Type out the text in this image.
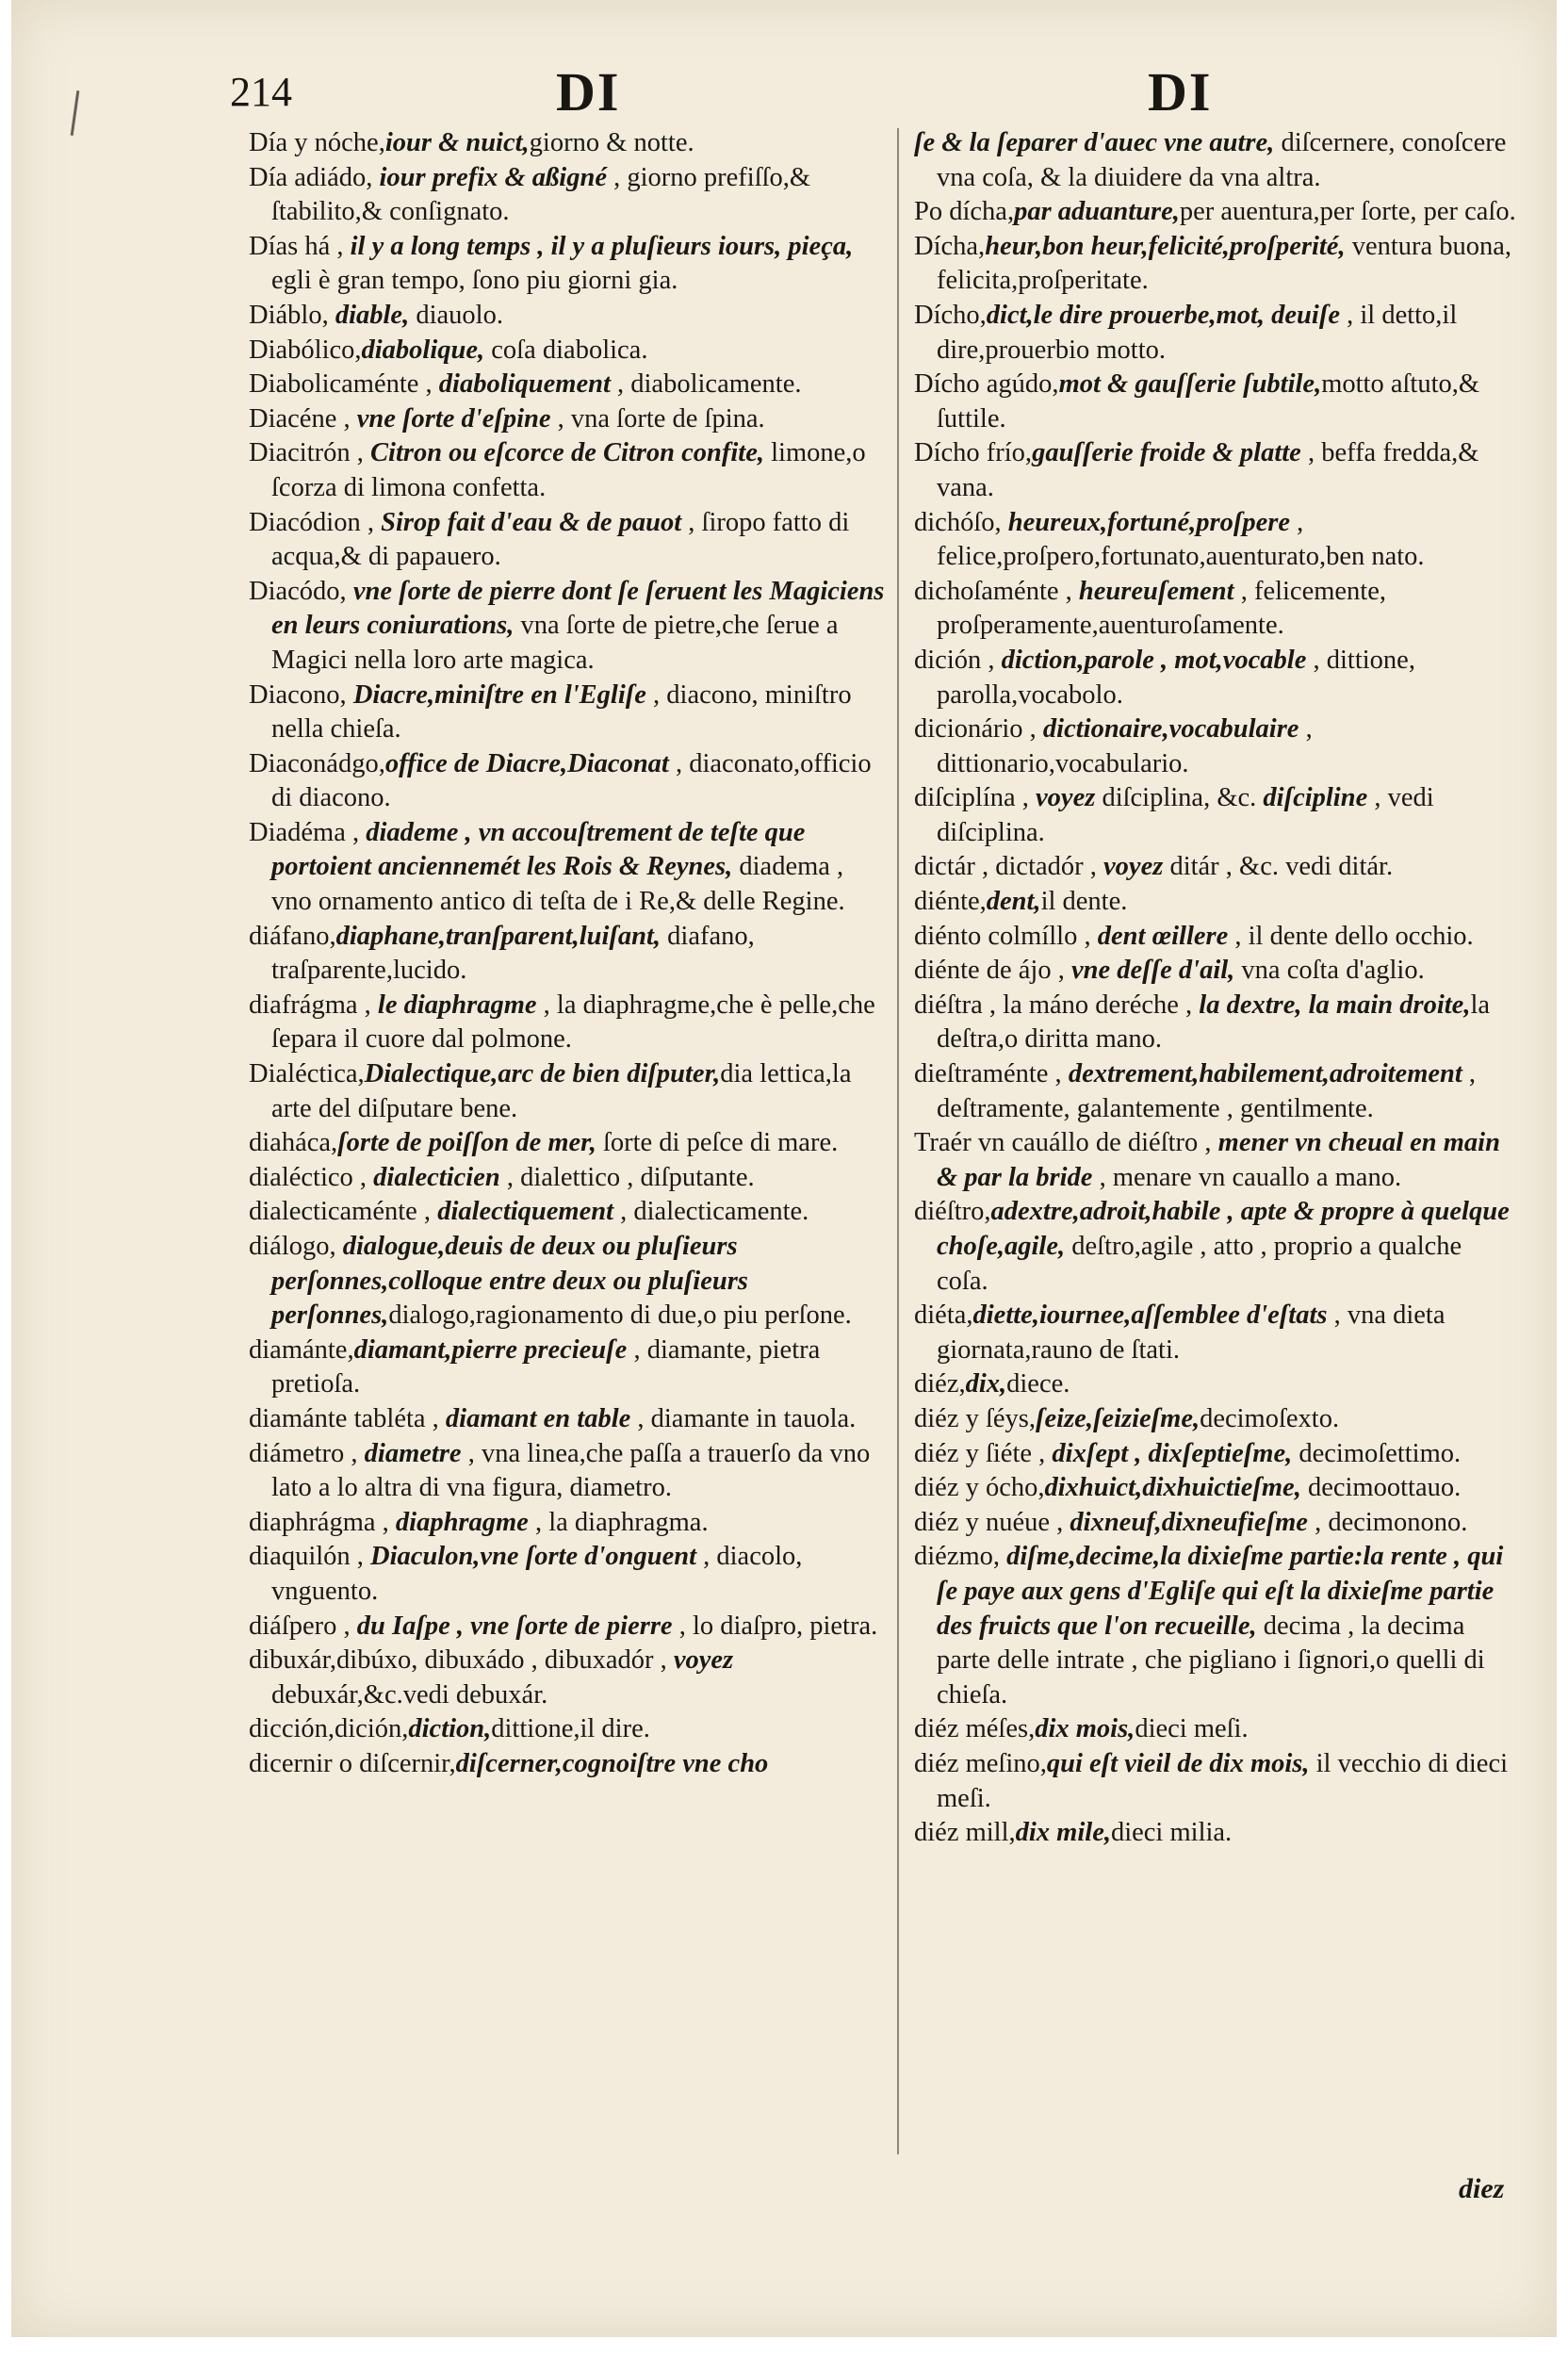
214	DI	DI

Día y nóche,iour & nuict,giorno & notte.

Día adiádo, iour prefix & aßigné , giorno prefiſſo,& ſtabilito,& conſignato.

Días há , il y a long temps , il y a pluſieurs iours, pieça, egli è gran tempo, ſono piu giorni gia.

Diáblo, diable, diauolo.

Diabólico,diabolique, coſa diabolica.

Diabolicaménte , diaboliquement , diabolicamente.

Diacéne , vne ſorte d'eſpine , vna ſorte de ſpina.

Diacitrón , Citron ou eſcorce de Citron confite, limone,o ſcorza di limona confetta.

Diacódion , Sirop fait d'eau & de pauot , ſiropo fatto di acqua,& di papauero.

Diacódo, vne ſorte de pierre dont ſe ſeruent les Magiciens en leurs coniurations, vna ſorte de pietre,che ſerue a Magici nella loro arte magica.

Diacono, Diacre,miniſtre en l'Egliſe , diacono, miniſtro nella chieſa.

Diaconádgo,office de Diacre,Diaconat , diaconato,officio di diacono.

Diadéma , diademe , vn accouſtrement de teſte que portoient anciennemét les Rois & Reynes, diadema , vno ornamento antico di teſta de i Re,& delle Regine.

diáfano,diaphane,tranſparent,luiſant, diafano, traſparente,lucido.

diafrágma , le diaphragme , la diaphragme,che è pelle,che ſepara il cuore dal polmone.

Dialéctica,Dialectique,arc de bien diſputer,dia lettica,la arte del diſputare bene.

diaháca,ſorte de poiſſon de mer, ſorte di peſce di mare.

dialéctico , dialecticien , dialettico , diſputante.

dialecticaménte , dialectiquement , dialecticamente.

diálogo, dialogue,deuis de deux ou pluſieurs perſonnes,colloque entre deux ou pluſieurs perſonnes,dialogo,ragionamento di due,o piu perſone.

diamánte,diamant,pierre precieuſe , diamante, pietra pretioſa.

diamánte tabléta , diamant en table , diamante in tauola.

diámetro , diametre , vna linea,che paſſa a trauerſo da vno lato a lo altra di vna figura, diametro.

diaphrágma , diaphragme , la diaphragma.

diaquilón , Diaculon,vne ſorte d'onguent , diacolo, vnguento.

diáſpero , du Iaſpe , vne ſorte de pierre , lo diaſpro, pietra.

dibuxár,dibúxo, dibuxádo , dibuxadór , voyez debuxár,&c.vedi debuxár.

dicción,dición,diction,dittione,il dire.

dicernir o diſcernir,diſcerner,cognoiſtre vne cho

ſe & la ſeparer d'auec vne autre, diſcernere, conoſcere vna coſa, & la diuidere da vna altra.

Po dícha,par aduanture,per auentura,per ſorte, per caſo.

Dícha,heur,bon heur,felicité,proſperité, ventura buona, felicita,proſperitate.

Dícho,dict,le dire prouerbe,mot, deuiſe , il detto,il dire,prouerbio motto.

Dícho agúdo,mot & gauſſerie ſubtile,motto aſtuto,& ſuttile.

Dícho frío,gauſſerie froide & platte , beffa fredda,& vana.

dichóſo, heureux,fortuné,proſpere , felice,proſpero,fortunato,auenturato,ben nato.

dichoſaménte , heureuſement , felicemente, proſperamente,auenturoſamente.

dición , diction,parole , mot,vocable , dittione, parolla,vocabolo.

dicionário , dictionaire,vocabulaire , dittionario,vocabulario.

diſciplína , voyez diſciplina, &c. diſcipline , vedi diſciplina.

dictár , dictadór , voyez ditár , &c. vedi ditár.

diénte,dent,il dente.

diénto colmíllo , dent œillere , il dente dello occhio.

diénte de ájo , vne deſſe d'ail, vna coſta d'aglio.

diéſtra , la máno deréche , la dextre, la main droite,la deſtra,o diritta mano.

dieſtraménte , dextrement,habilement,adroitement , deſtramente, galantemente , gentilmente.

Traér vn cauállo de diéſtro , mener vn cheual en main & par la bride , menare vn cauallo a mano.

diéſtro,adextre,adroit,habile , apte & propre à quelque choſe,agile, deſtro,agile , atto , proprio a qualche coſa.

diéta,diette,iournee,aſſemblee d'eſtats , vna dieta giornata,rauno de ſtati.

diéz,dix,diece.

diéz y ſéys,ſeize,ſeizieſme,decimoſexto.

diéz y ſiéte , dixſept , dixſeptieſme, decimoſettimo.

diéz y ócho,dixhuict,dixhuictieſme, decimoottauo.

diéz y nuéue , dixneuf,dixneufieſme , decimonono.

diézmo, diſme,decime,la dixieſme partie:la rente , qui ſe paye aux gens d'Egliſe qui eſt la dixieſme partie des fruicts que l'on recueille, decima , la decima parte delle intrate , che pigliano i ſignori,o quelli di chieſa.

diéz méſes,dix mois,dieci meſi.

diéz meſino,qui eſt vieil de dix mois, il vecchio di dieci meſi.

diéz mill,dix mile,dieci milia.

diez
